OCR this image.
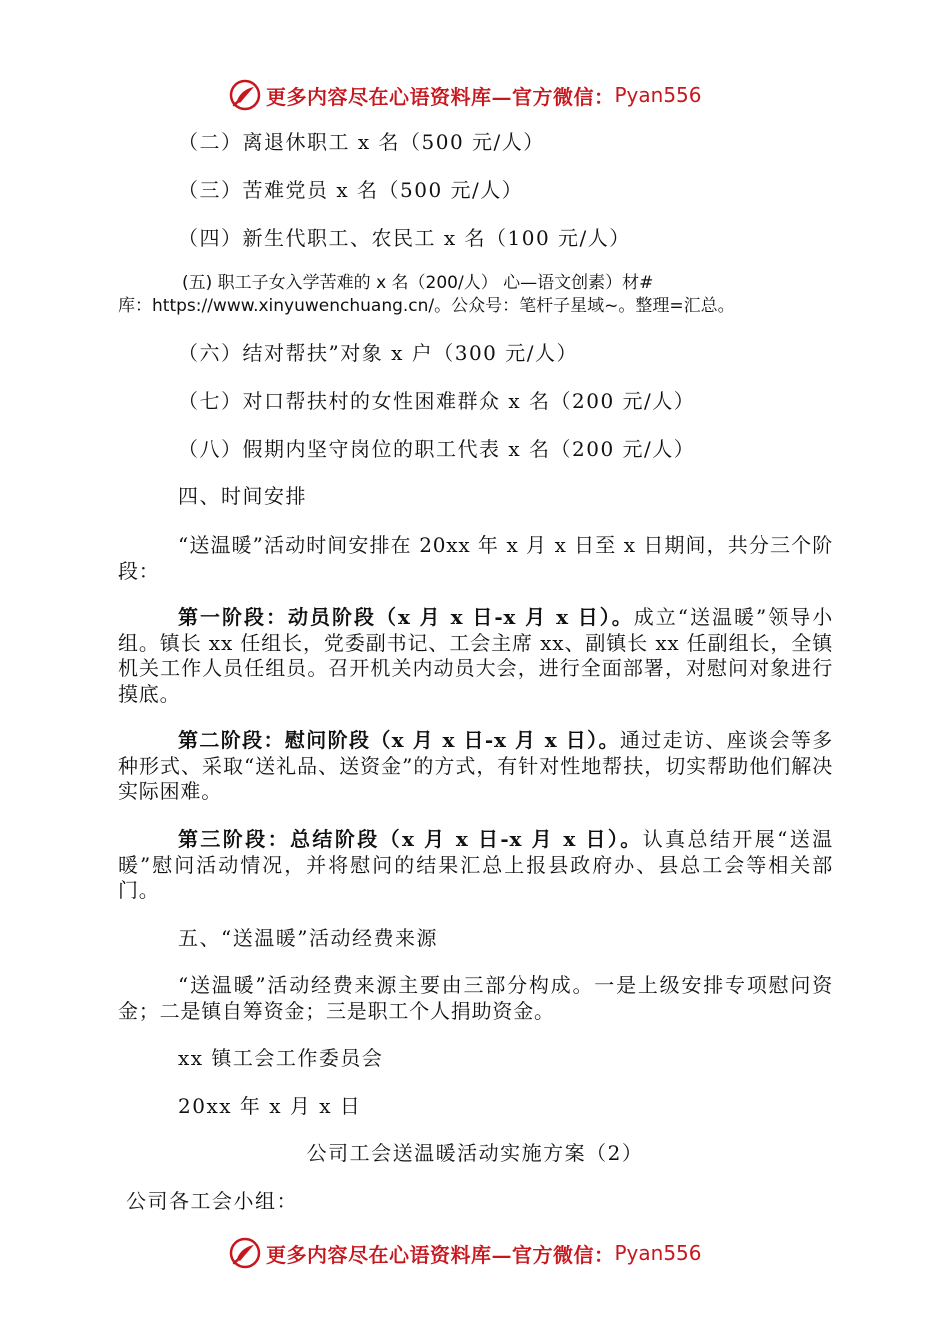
更多内容尽在心语资料库—官方微信： Pyan556

（二）离退休职工 x 名（500 元/人）

（三）苦难党员 x 名（500 元/人）

（四）新生代职工、农民工 x 名（100 元/人）

(五) 职工子女入学苦难的 x 名（200/人） 心—语文创素）材#

库：https://www.xinyuwenchuang.cn/。公众号：笔杆子星域~。整理=汇总。

（六）结对帮扶”对象 x 户（300 元/人）

（七）对口帮扶村的女性困难群众 x 名（200 元/人）

（八）假期内坚守岗位的职工代表 x 名（200 元/人）

四、时间安排

“送温暖”活动时间安排在 20xx 年 x 月 x 日至 x 日期间，共分三个阶段：

第一阶段：动员阶段（x 月 x 日-x 月 x 日）。成立“送温暖”领导小组。镇长 xx 任组长，党委副书记、工会主席 xx、副镇长 xx 任副组长，全镇机关工作人员任组员。召开机关内动员大会，进行全面部署，对慰问对象进行摸底。

第二阶段：慰问阶段（x 月 x 日-x 月 x 日）。通过走访、座谈会等多种形式、采取“送礼品、送资金”的方式，有针对性地帮扶，切实帮助他们解决实际困难。

第三阶段：总结阶段（x 月 x 日-x 月 x 日）。认真总结开展“送温暖”慰问活动情况，并将慰问的结果汇总上报县政府办、县总工会等相关部门。

五、“送温暖”活动经费来源

“送温暖”活动经费来源主要由三部分构成。一是上级安排专项慰问资金；二是镇自筹资金；三是职工个人捐助资金。

xx 镇工会工作委员会

20xx 年 x 月 x 日

公司工会送温暖活动实施方案（2）

公司各工会小组：

更多内容尽在心语资料库—官方微信： Pyan556
